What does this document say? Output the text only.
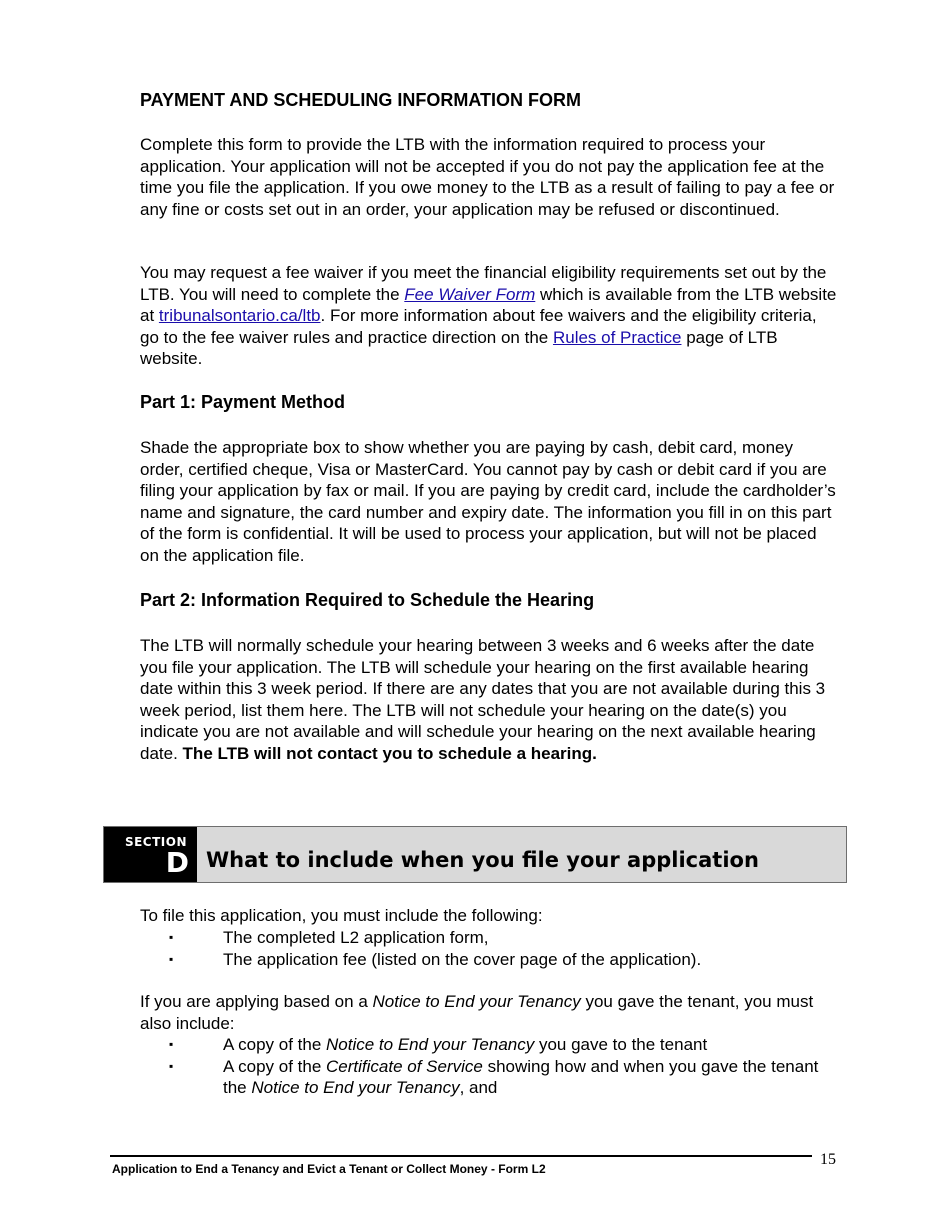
PAYMENT AND SCHEDULING INFORMATION FORM

Complete this form to provide the LTB with the information required to process your application. Your application will not be accepted if you do not pay the application fee at the time you file the application. If you owe money to the LTB as a result of failing to pay a fee or any fine or costs set out in an order, your application may be refused or discontinued.

You may request a fee waiver if you meet the financial eligibility requirements set out by the LTB. You will need to complete the Fee Waiver Form which is available from the LTB website at tribunalsontario.ca/ltb. For more information about fee waivers and the eligibility criteria, go to the fee waiver rules and practice direction on the Rules of Practice page of LTB website.

Part 1: Payment Method

Shade the appropriate box to show whether you are paying by cash, debit card, money order, certified cheque, Visa or MasterCard. You cannot pay by cash or debit card if you are filing your application by fax or mail. If you are paying by credit card, include the cardholder’s name and signature, the card number and expiry date. The information you fill in on this part of the form is confidential. It will be used to process your application, but will not be placed on the application file.

Part 2: Information Required to Schedule the Hearing

The LTB will normally schedule your hearing between 3 weeks and 6 weeks after the date you file your application. The LTB will schedule your hearing on the first available hearing date within this 3 week period. If there are any dates that you are not available during this 3 week period, list them here. The LTB will not schedule your hearing on the date(s) you indicate you are not available and will schedule your hearing on the next available hearing date. The LTB will not contact you to schedule a hearing.

To file this application, you must include the following:

▪	The completed L2 application form,
▪	The application fee (listed on the cover page of the application).

If you are applying based on a Notice to End your Tenancy you gave the tenant, you must also include:

▪	A copy of the Notice to End your Tenancy you gave to the tenant
▪	A copy of the Certificate of Service showing how and when you gave the tenant the Notice to End your Tenancy, and
SECTION
D What to include when you file your application
Application to End a Tenancy and Evict a Tenant or Collect Money - Form L2
15
